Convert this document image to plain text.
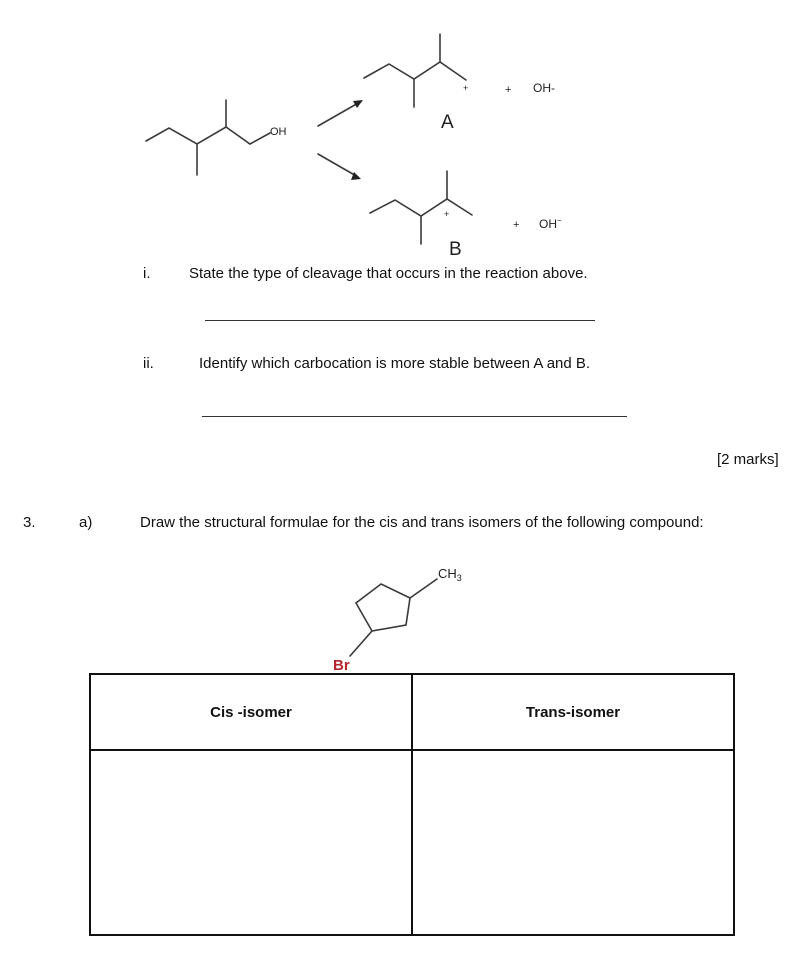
OH
+	+ OH-
A
+
+ OH−
B
$CH_3$
Br
i.	State the type of cleavage that occurs in the reaction above.
ii.	Identify which carbocation is more stable between A and B.
[2 marks]
3.	a)	Draw the structural formulae for the cis and trans isomers of the following compound:
Cis -isomer	Trans-isomer
